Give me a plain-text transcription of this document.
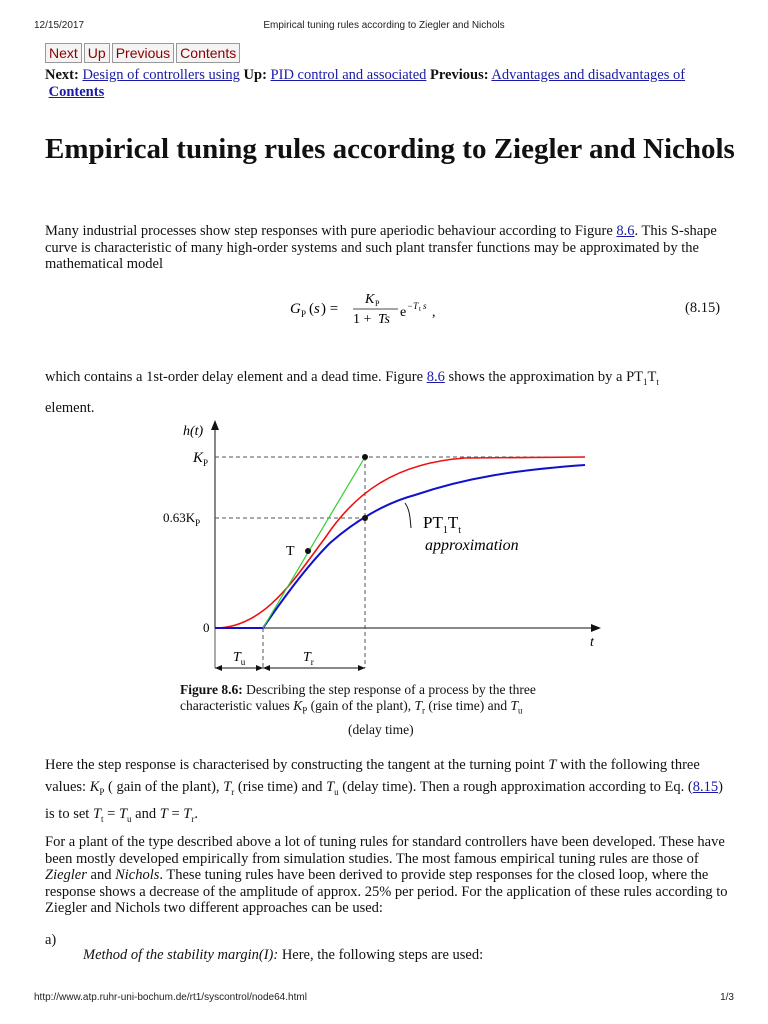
12/15/2017	Empirical tuning rules according to Ziegler and Nichols
Next Up Previous Contents
Next: Design of controllers using Up: PID control and associated Previous: Advantages and disadvantages of  Contents
Empirical tuning rules according to Ziegler and Nichols
Many industrial processes show step responses with pure aperiodic behaviour according to Figure 8.6. This S-shape curve is characteristic of many high-order systems and such plant transfer functions may be approximated by the mathematical model
G P ( s ) =
K P
1 + Ts e −T t s ,	(8.15)
which contains a 1st-order delay element and a dead time. Figure 8.6 shows the approximation by a $PT_1T_t$
element.
h(t)
$K_P$
$0.63K_P$
0
t
T
$PT_1T_t$
approximation
$T_u$	$T_r$
Figure 8.6: Describing the step response of a process by the three characteristic values $K_P$ (gain of the plant), $T_r$ (rise time) and $T_u$
(delay time)
Here the step response is characterised by constructing the tangent at the turning point T with the following three values: $K_P$ ( gain of the plant), $T_r$ (rise time) and $T_u$ (delay time). Then a rough approximation according to Eq. (8.15) is to set $T_t = T_u$ and $T = T_r$.
For a plant of the type described above a lot of tuning rules for standard controllers have been developed. These have been mostly developed empirically from simulation studies. The most famous empirical tuning rules are those of Ziegler and Nichols. These tuning rules have been derived to provide step responses for the closed loop, where the response shows a decrease of the amplitude of approx. 25% per period. For the application of these rules according to Ziegler and Nichols two different approaches can be used:
a)
Method of the stability margin(I): Here, the following steps are used:
http://www.atp.ruhr-uni-bochum.de/rt1/syscontrol/node64.html	1/3
